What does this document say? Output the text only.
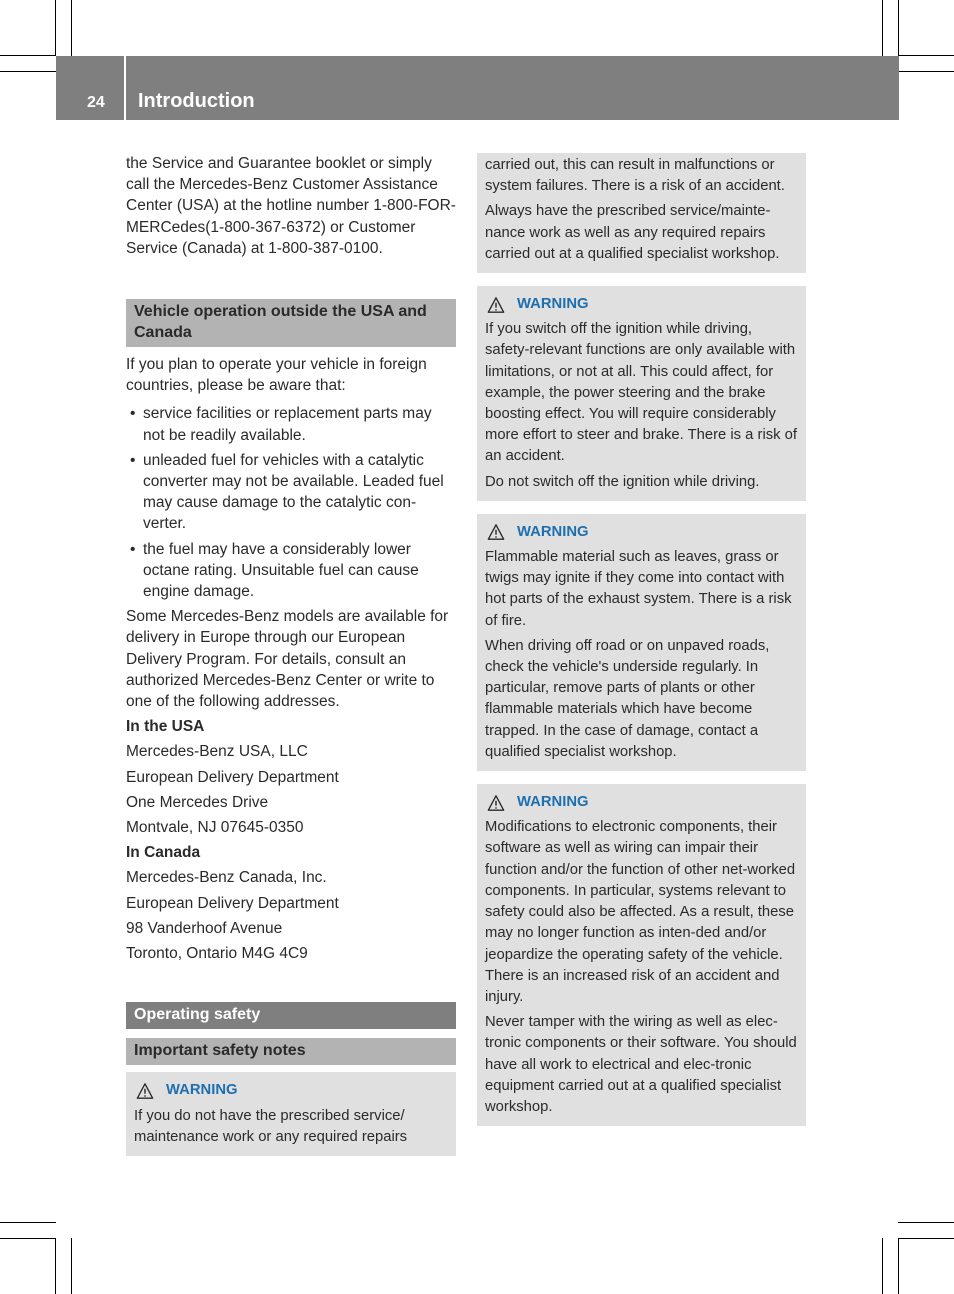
24 Introduction

the Service and Guarantee booklet or simply call the Mercedes-Benz Customer Assistance Center (USA) at the hotline number 1-800-FOR-MERCedes(1-800-367-6372) or Customer Service (Canada) at 1-800-387-0100.

Vehicle operation outside the USA and Canada

If you plan to operate your vehicle in foreign countries, please be aware that:

• service facilities or replacement parts may not be readily available.
• unleaded fuel for vehicles with a catalytic converter may not be available. Leaded fuel may cause damage to the catalytic con-verter.
• the fuel may have a considerably lower octane rating. Unsuitable fuel can cause engine damage.

Some Mercedes-Benz models are available for delivery in Europe through our European Delivery Program. For details, consult an authorized Mercedes-Benz Center or write to one of the following addresses.

In the USA

Mercedes-Benz USA, LLC

European Delivery Department

One Mercedes Drive

Montvale, NJ 07645-0350

In Canada

Mercedes-Benz Canada, Inc.

European Delivery Department

98 Vanderhoof Avenue

Toronto, Ontario M4G 4C9

Operating safety
Important safety notes
WARNING

If you do not have the prescribed service/ maintenance work or any required repairs

carried out, this can result in malfunctions or system failures. There is a risk of an accident.

Always have the prescribed service/mainte-nance work as well as any required repairs carried out at a qualified specialist workshop.

WARNING

If you switch off the ignition while driving, safety-relevant functions are only available with limitations, or not at all. This could affect, for example, the power steering and the brake boosting effect. You will require considerably more effort to steer and brake. There is a risk of an accident.

Do not switch off the ignition while driving.

WARNING

Flammable material such as leaves, grass or twigs may ignite if they come into contact with hot parts of the exhaust system. There is a risk of fire.

When driving off road or on unpaved roads, check the vehicle's underside regularly. In particular, remove parts of plants or other flammable materials which have become trapped. In the case of damage, contact a qualified specialist workshop.

WARNING

Modifications to electronic components, their software as well as wiring can impair their function and/or the function of other net-worked components. In particular, systems relevant to safety could also be affected. As a result, these may no longer function as inten-ded and/or jeopardize the operating safety of the vehicle. There is an increased risk of an accident and injury.

Never tamper with the wiring as well as elec-tronic components or their software. You should have all work to electrical and elec-tronic equipment carried out at a qualified specialist workshop.
